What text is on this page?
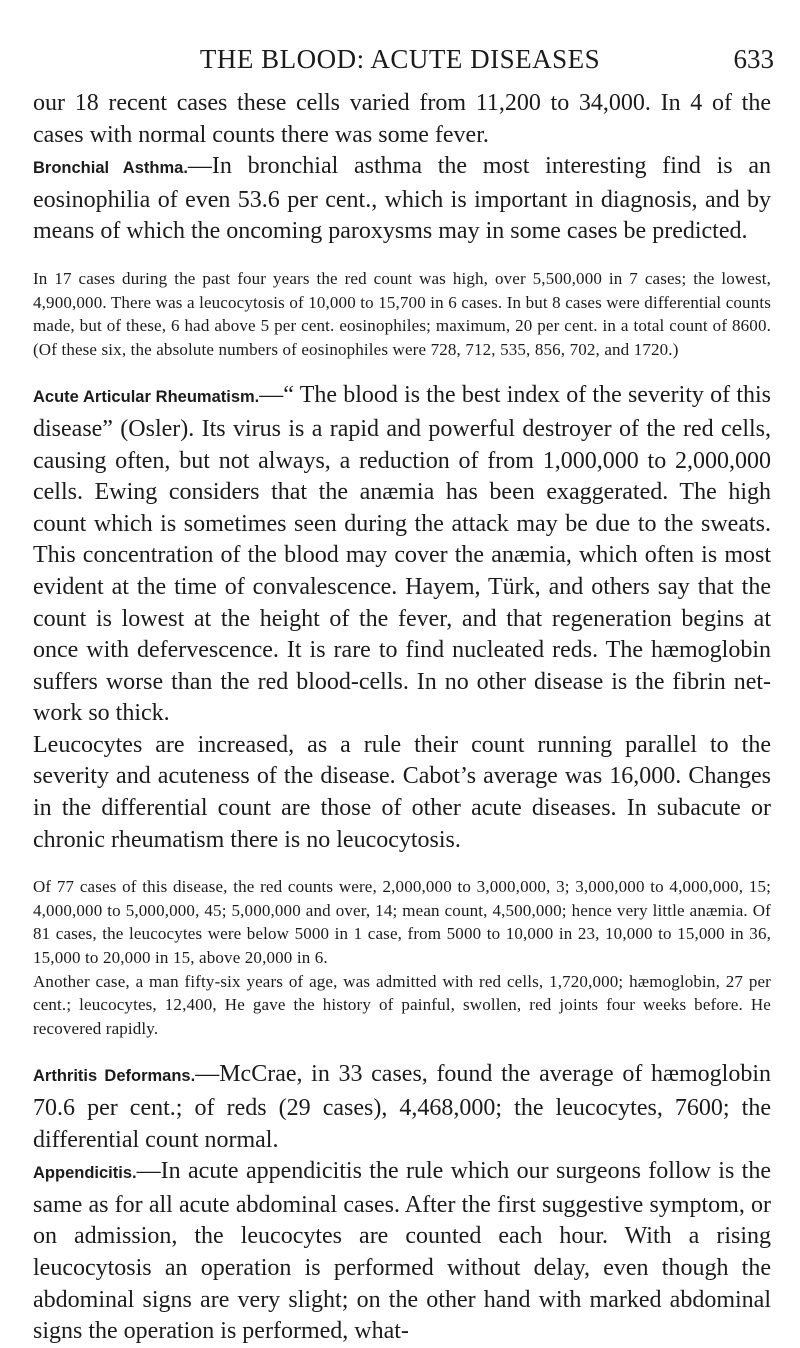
THE BLOOD: ACUTE DISEASES	633

our 18 recent cases these cells varied from 11,200 to 34,000. In 4 of the cases with normal counts there was some fever.

Bronchial Asthma.—In bronchial asthma the most interesting find is an eosinophilia of even 53.6 per cent., which is important in diagnosis, and by means of which the oncoming paroxysms may in some cases be predicted.

In 17 cases during the past four years the red count was high, over 5,500,000 in 7 cases; the lowest, 4,900,000. There was a leucocytosis of 10,000 to 15,700 in 6 cases. In but 8 cases were differential counts made, but of these, 6 had above 5 per cent. eosinophiles; maximum, 20 per cent. in a total count of 8600. (Of these six, the absolute numbers of eosinophiles were 728, 712, 535, 856, 702, and 1720.)

Acute Articular Rheumatism.—“ The blood is the best index of the severity of this disease” (Osler). Its virus is a rapid and powerful destroyer of the red cells, causing often, but not always, a reduction of from 1,000,000 to 2,000,000 cells. Ewing considers that the anæmia has been exaggerated. The high count which is sometimes seen during the attack may be due to the sweats. This concentration of the blood may cover the anæmia, which often is most evident at the time of convalescence. Hayem, Türk, and others say that the count is lowest at the height of the fever, and that regeneration begins at once with defervescence. It is rare to find nucleated reds. The hæmoglobin suffers worse than the red blood-cells. In no other disease is the fibrin net-work so thick.

Leucocytes are increased, as a rule their count running parallel to the severity and acuteness of the disease. Cabot’s average was 16,000. Changes in the differential count are those of other acute diseases. In subacute or chronic rheumatism there is no leucocytosis.

Of 77 cases of this disease, the red counts were, 2,000,000 to 3,000,000, 3; 3,000,000 to 4,000,000, 15; 4,000,000 to 5,000,000, 45; 5,000,000 and over, 14; mean count, 4,500,000; hence very little anæmia. Of 81 cases, the leucocytes were below 5000 in 1 case, from 5000 to 10,000 in 23, 10,000 to 15,000 in 36, 15,000 to 20,000 in 15, above 20,000 in 6.

Another case, a man fifty-six years of age, was admitted with red cells, 1,720,000; hæmoglobin, 27 per cent.; leucocytes, 12,400, He gave the history of painful, swollen, red joints four weeks before. He recovered rapidly.

Arthritis Deformans.—McCrae, in 33 cases, found the average of hæmoglobin 70.6 per cent.; of reds (29 cases), 4,468,000; the leucocytes, 7600; the differential count normal.

Appendicitis.—In acute appendicitis the rule which our surgeons follow is the same as for all acute abdominal cases. After the first suggestive symptom, or on admission, the leucocytes are counted each hour. With a rising leucocytosis an operation is performed without delay, even though the abdominal signs are very slight; on the other hand with marked abdominal signs the operation is performed, what-
